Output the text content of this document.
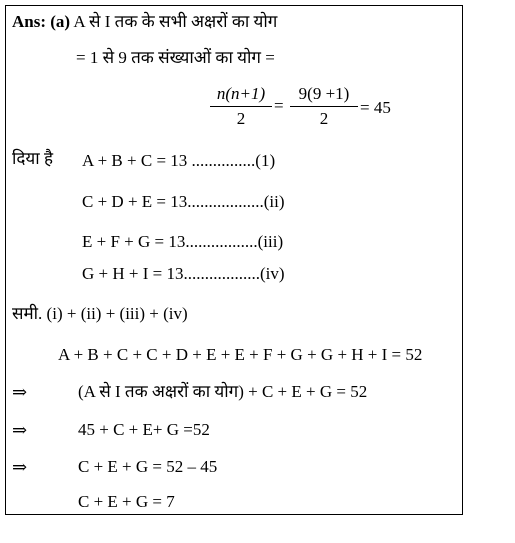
Ans: (a) A से I तक के सभी अक्षरों का योग
= 1 से 9 तक संख्याओं का योग =
n(n+1)
2
=
9(9 +1)
2
= 45
दिया है A + B + C = 13 ...............(1)
C + D + E = 13..................(ii)
E + F + G = 13.................(iii)
G + H + I = 13..................(iv)
समी. (i) + (ii) + (iii) + (iv)
A + B + C + C + D + E + E + F + G + G + H + I = 52
⇒	(A से I तक अक्षरों का योग) + C + E + G = 52
⇒	45 + C + E+ G =52
⇒	C + E + G = 52 – 45
C + E + G = 7
